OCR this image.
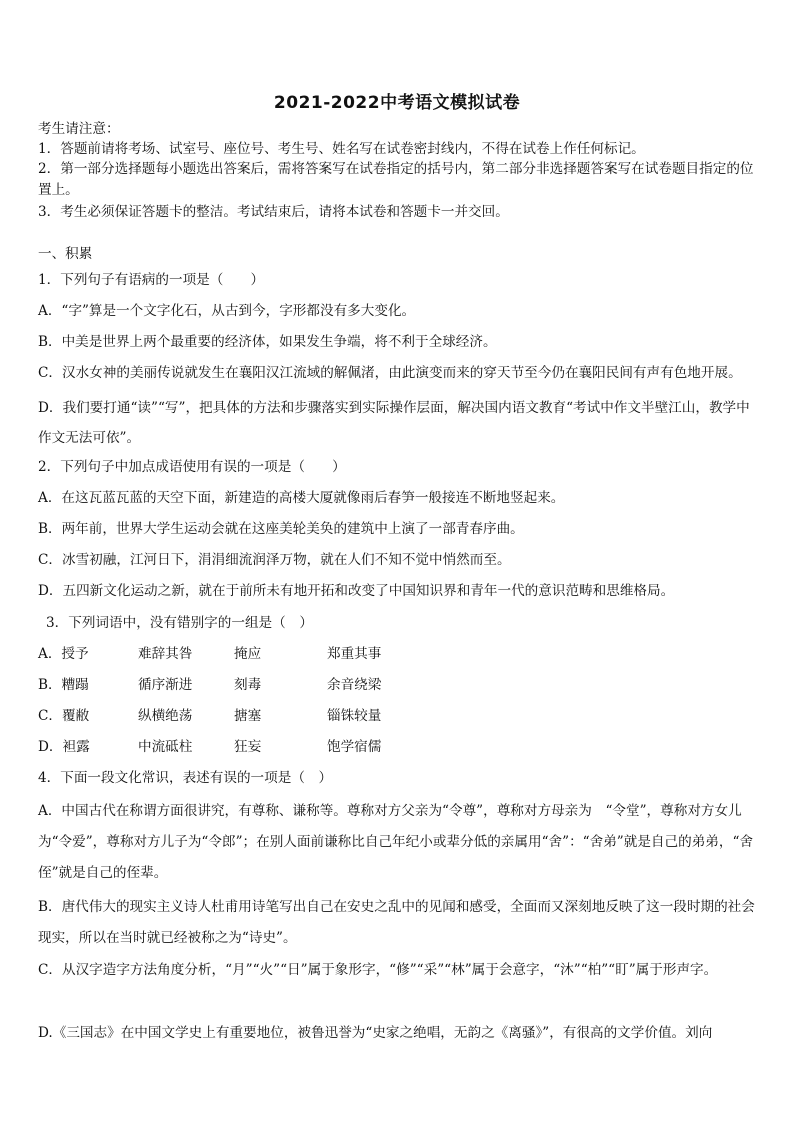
2021-2022中考语文模拟试卷
考生请注意：
1．答题前请将考场、试室号、座位号、考生号、姓名写在试卷密封线内，不得在试卷上作任何标记。
2．第一部分选择题每小题选出答案后，需将答案写在试卷指定的括号内，第二部分非选择题答案写在试卷题目指定的位置上。
3．考生必须保证答题卡的整洁。考试结束后，请将本试卷和答题卡一并交回。
一、积累
1．下列句子有语病的一项是（　　）
A．“字”算是一个文字化石，从古到今，字形都没有多大变化。
B．中美是世界上两个最重要的经济体，如果发生争端，将不利于全球经济。
C．汉水女神的美丽传说就发生在襄阳汉江流域的解佩渚，由此演变而来的穿天节至今仍在襄阳民间有声有色地开展。
D．我们要打通“读”“写”，把具体的方法和步骤落实到实际操作层面，解决国内语文教育“考试中作文半壁江山，教学中作文无法可依”。
2．下列句子中加点成语使用有误的一项是（　　）
A．在这瓦蓝瓦蓝的天空下面，新建造的高楼大厦就像雨后春笋一般接连不断地竖起来。
B．两年前，世界大学生运动会就在这座美轮美奂的建筑中上演了一部青春序曲。
C．冰雪初融，江河日下，涓涓细流润泽万物，就在人们不知不觉中悄然而至。
D．五四新文化运动之新，就在于前所未有地开拓和改变了中国知识界和青年一代的意识范畴和思维格局。
3．下列词语中，没有错别字的一组是（　）
A．授予	难辞其咎	掩应	郑重其事
B．糟蹋	循序渐进	刻毒	余音绕梁
C．覆敝	纵横绝荡	搪塞	锱铢较量
D．袒露	中流砥柱	狂妄	饱学宿儒
4．下面一段文化常识，表述有误的一项是（　）
A．中国古代在称谓方面很讲究，有尊称、谦称等。尊称对方父亲为“令尊”，尊称对方母亲为　“令堂”，尊称对方女儿为“令爱”，尊称对方儿子为“令郎”；在别人面前谦称比自己年纪小或辈分低的亲属用“舍”：“舍弟”就是自己的弟弟，“舍侄”就是自己的侄辈。
B．唐代伟大的现实主义诗人杜甫用诗笔写出自己在安史之乱中的见闻和感受，全面而又深刻地反映了这一段时期的社会现实，所以在当时就已经被称之为“诗史”。
C．从汉字造字方法角度分析，“月”“火”“日”属于象形字，“修”“采”“林”属于会意字，“沐”“柏”“盯”属于形声字。
D.《三国志》在中国文学史上有重要地位，被鲁迅誉为“史家之绝唱，无韵之《离骚》”，有很高的文学价值。刘向
